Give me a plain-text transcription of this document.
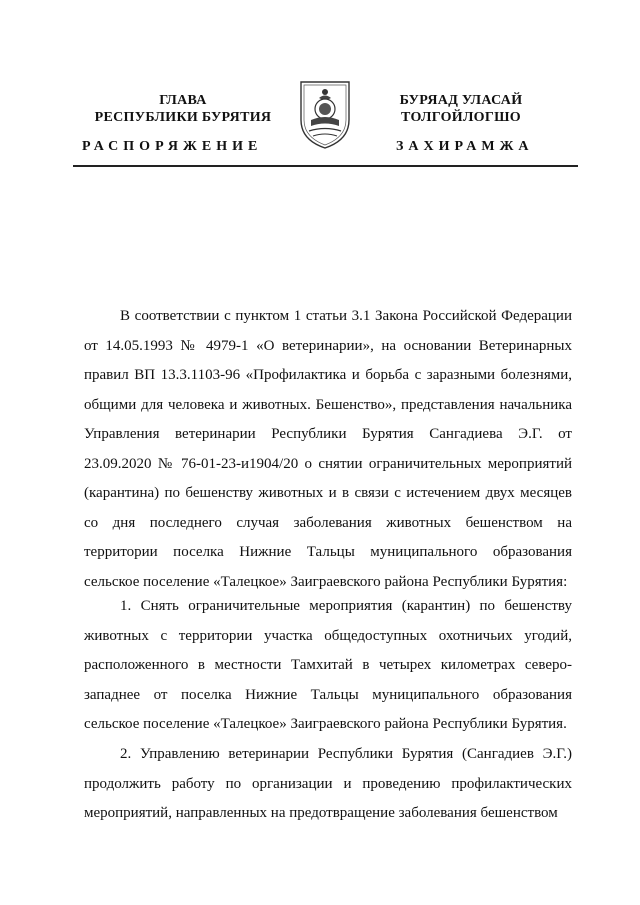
ГЛАВА
РЕСПУБЛИКИ БУРЯТИЯ
БУРЯАД УЛАСАЙ
ТОЛГОЙЛОГШО
РАСПОРЯЖЕНИЕ	ЗАХИРАМЖА

В соответствии с пунктом 1 статьи 3.1 Закона Российской Федерации от 14.05.1993 № 4979-1 «О ветеринарии», на основании Ветеринарных правил ВП 13.3.1103-96 «Профилактика и борьба с заразными болезнями, общими для человека и животных. Бешенство», представления начальника Управления ветеринарии Республики Бурятия Сангадиева Э.Г. от 23.09.2020 № 76-01-23-и1904/20 о снятии ограничительных мероприятий (карантина) по бешенству животных и в связи с истечением двух месяцев со дня последнего случая заболевания животных бешенством на территории поселка Нижние Тальцы муниципального образования сельское поселение «Талецкое» Заиграевского района Республики Бурятия:

1. Снять ограничительные мероприятия (карантин) по бешенству животных с территории участка общедоступных охотничьих угодий, расположенного в местности Тамхитай в четырех километрах северо-западнее от поселка Нижние Тальцы муниципального образования сельское поселение «Талецкое» Заиграевского района Республики Бурятия.

2. Управлению ветеринарии Республики Бурятия (Сангадиев Э.Г.) продолжить работу по организации и проведению профилактических мероприятий, направленных на предотвращение заболевания бешенством
